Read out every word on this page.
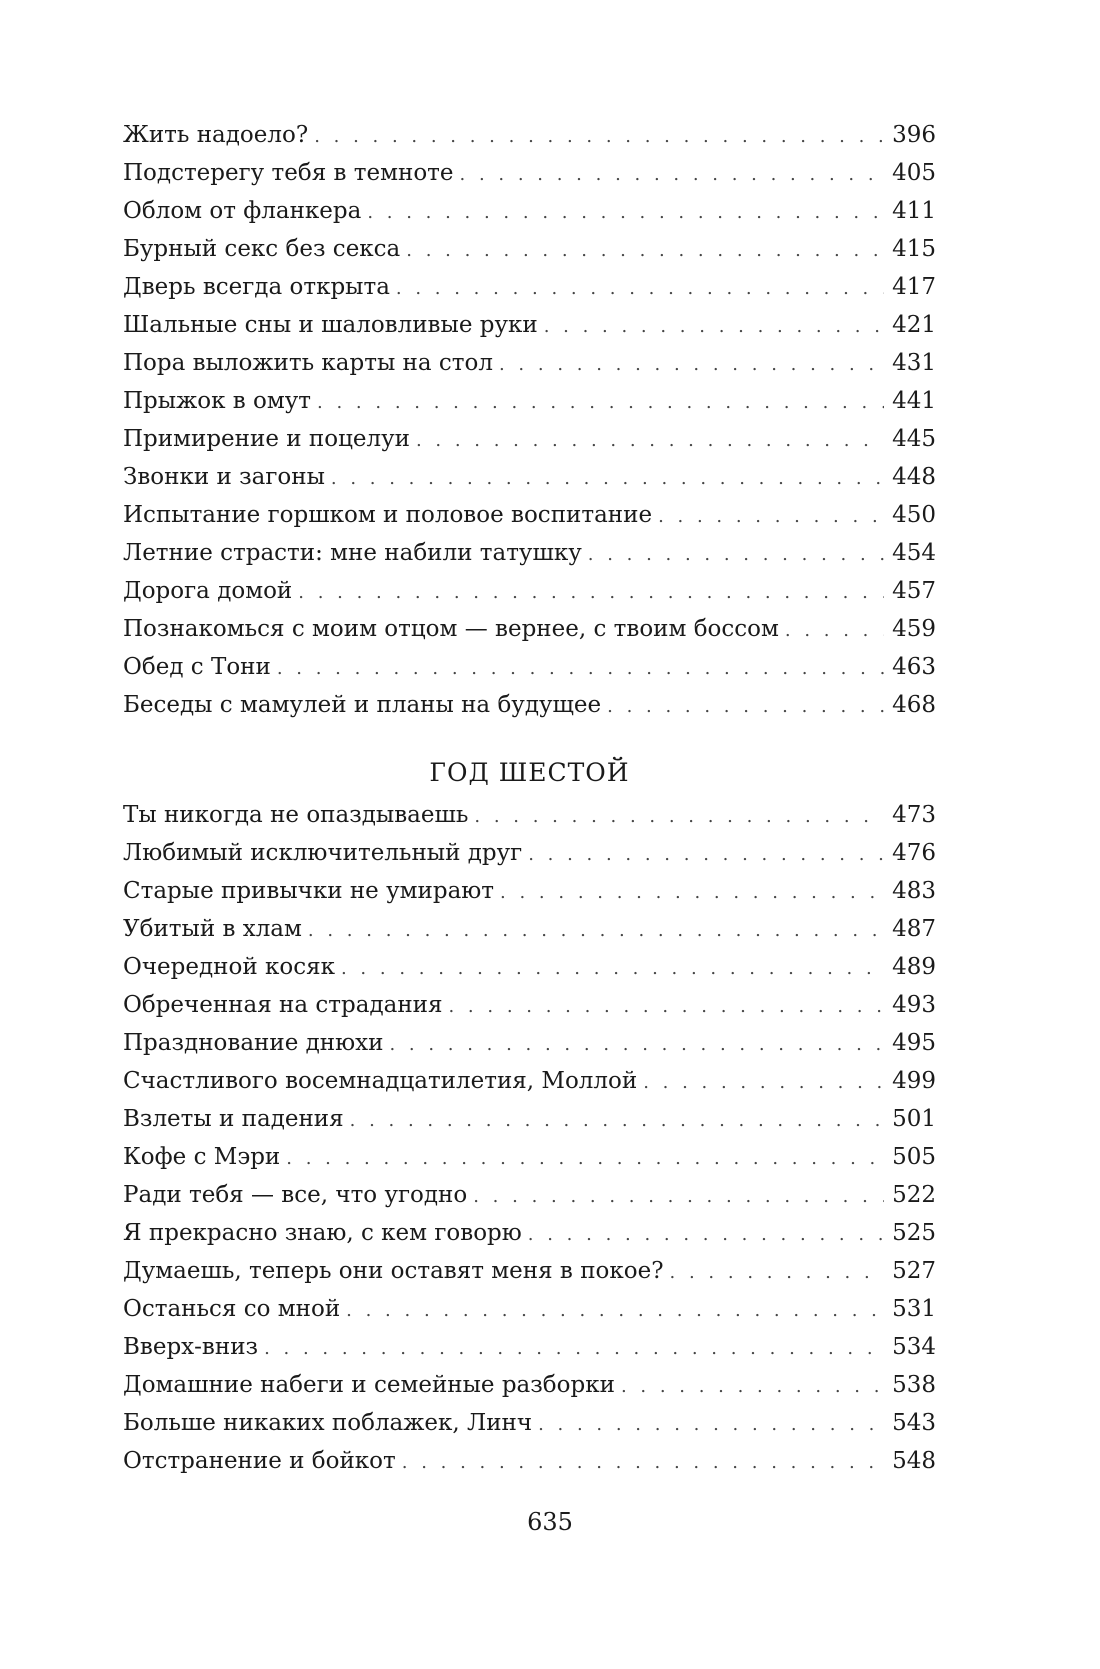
Жить надоело? . . .	396
Подстерегу тебя в темноте . . .	405
Облом от фланкера . . .	411
Бурный секс без секса . . .	415
Дверь всегда открыта . . .	417
Шальные сны и шаловливые руки . . .	421
Пора выложить карты на стол . . .	431
Прыжок в омут . . .	441
Примирение и поцелуи . . .	445
Звонки и загоны . . .	448
Испытание горшком и половое воспитание . . .	450
Летние страсти: мне набили татушку . . .	454
Дорога домой . . .	457
Познакомься с моим отцом — вернее, с твоим боссом . . .	459
Обед с Тони . . .	463
Беседы с мамулей и планы на будущее . . .	468
ГОД ШЕСТОЙ
Ты никогда не опаздываешь . . .	473
Любимый исключительный друг . . .	476
Старые привычки не умирают . . .	483
Убитый в хлам . . .	487
Очередной косяк . . .	489
Обреченная на страдания . . .	493
Празднование днюхи . . .	495
Счастливого восемнадцатилетия, Моллой . . .	499
Взлеты и падения . . .	501
Кофе с Мэри . . .	505
Ради тебя — все, что угодно . . .	522
Я прекрасно знаю, с кем говорю . . .	525
Думаешь, теперь они оставят меня в покое? . . .	527
Останься со мной . . .	531
Вверх-вниз . . .	534
Домашние набеги и семейные разборки . . .	538
Больше никаких поблажек, Линч . . .	543
Отстранение и бойкот . . .	548
635
